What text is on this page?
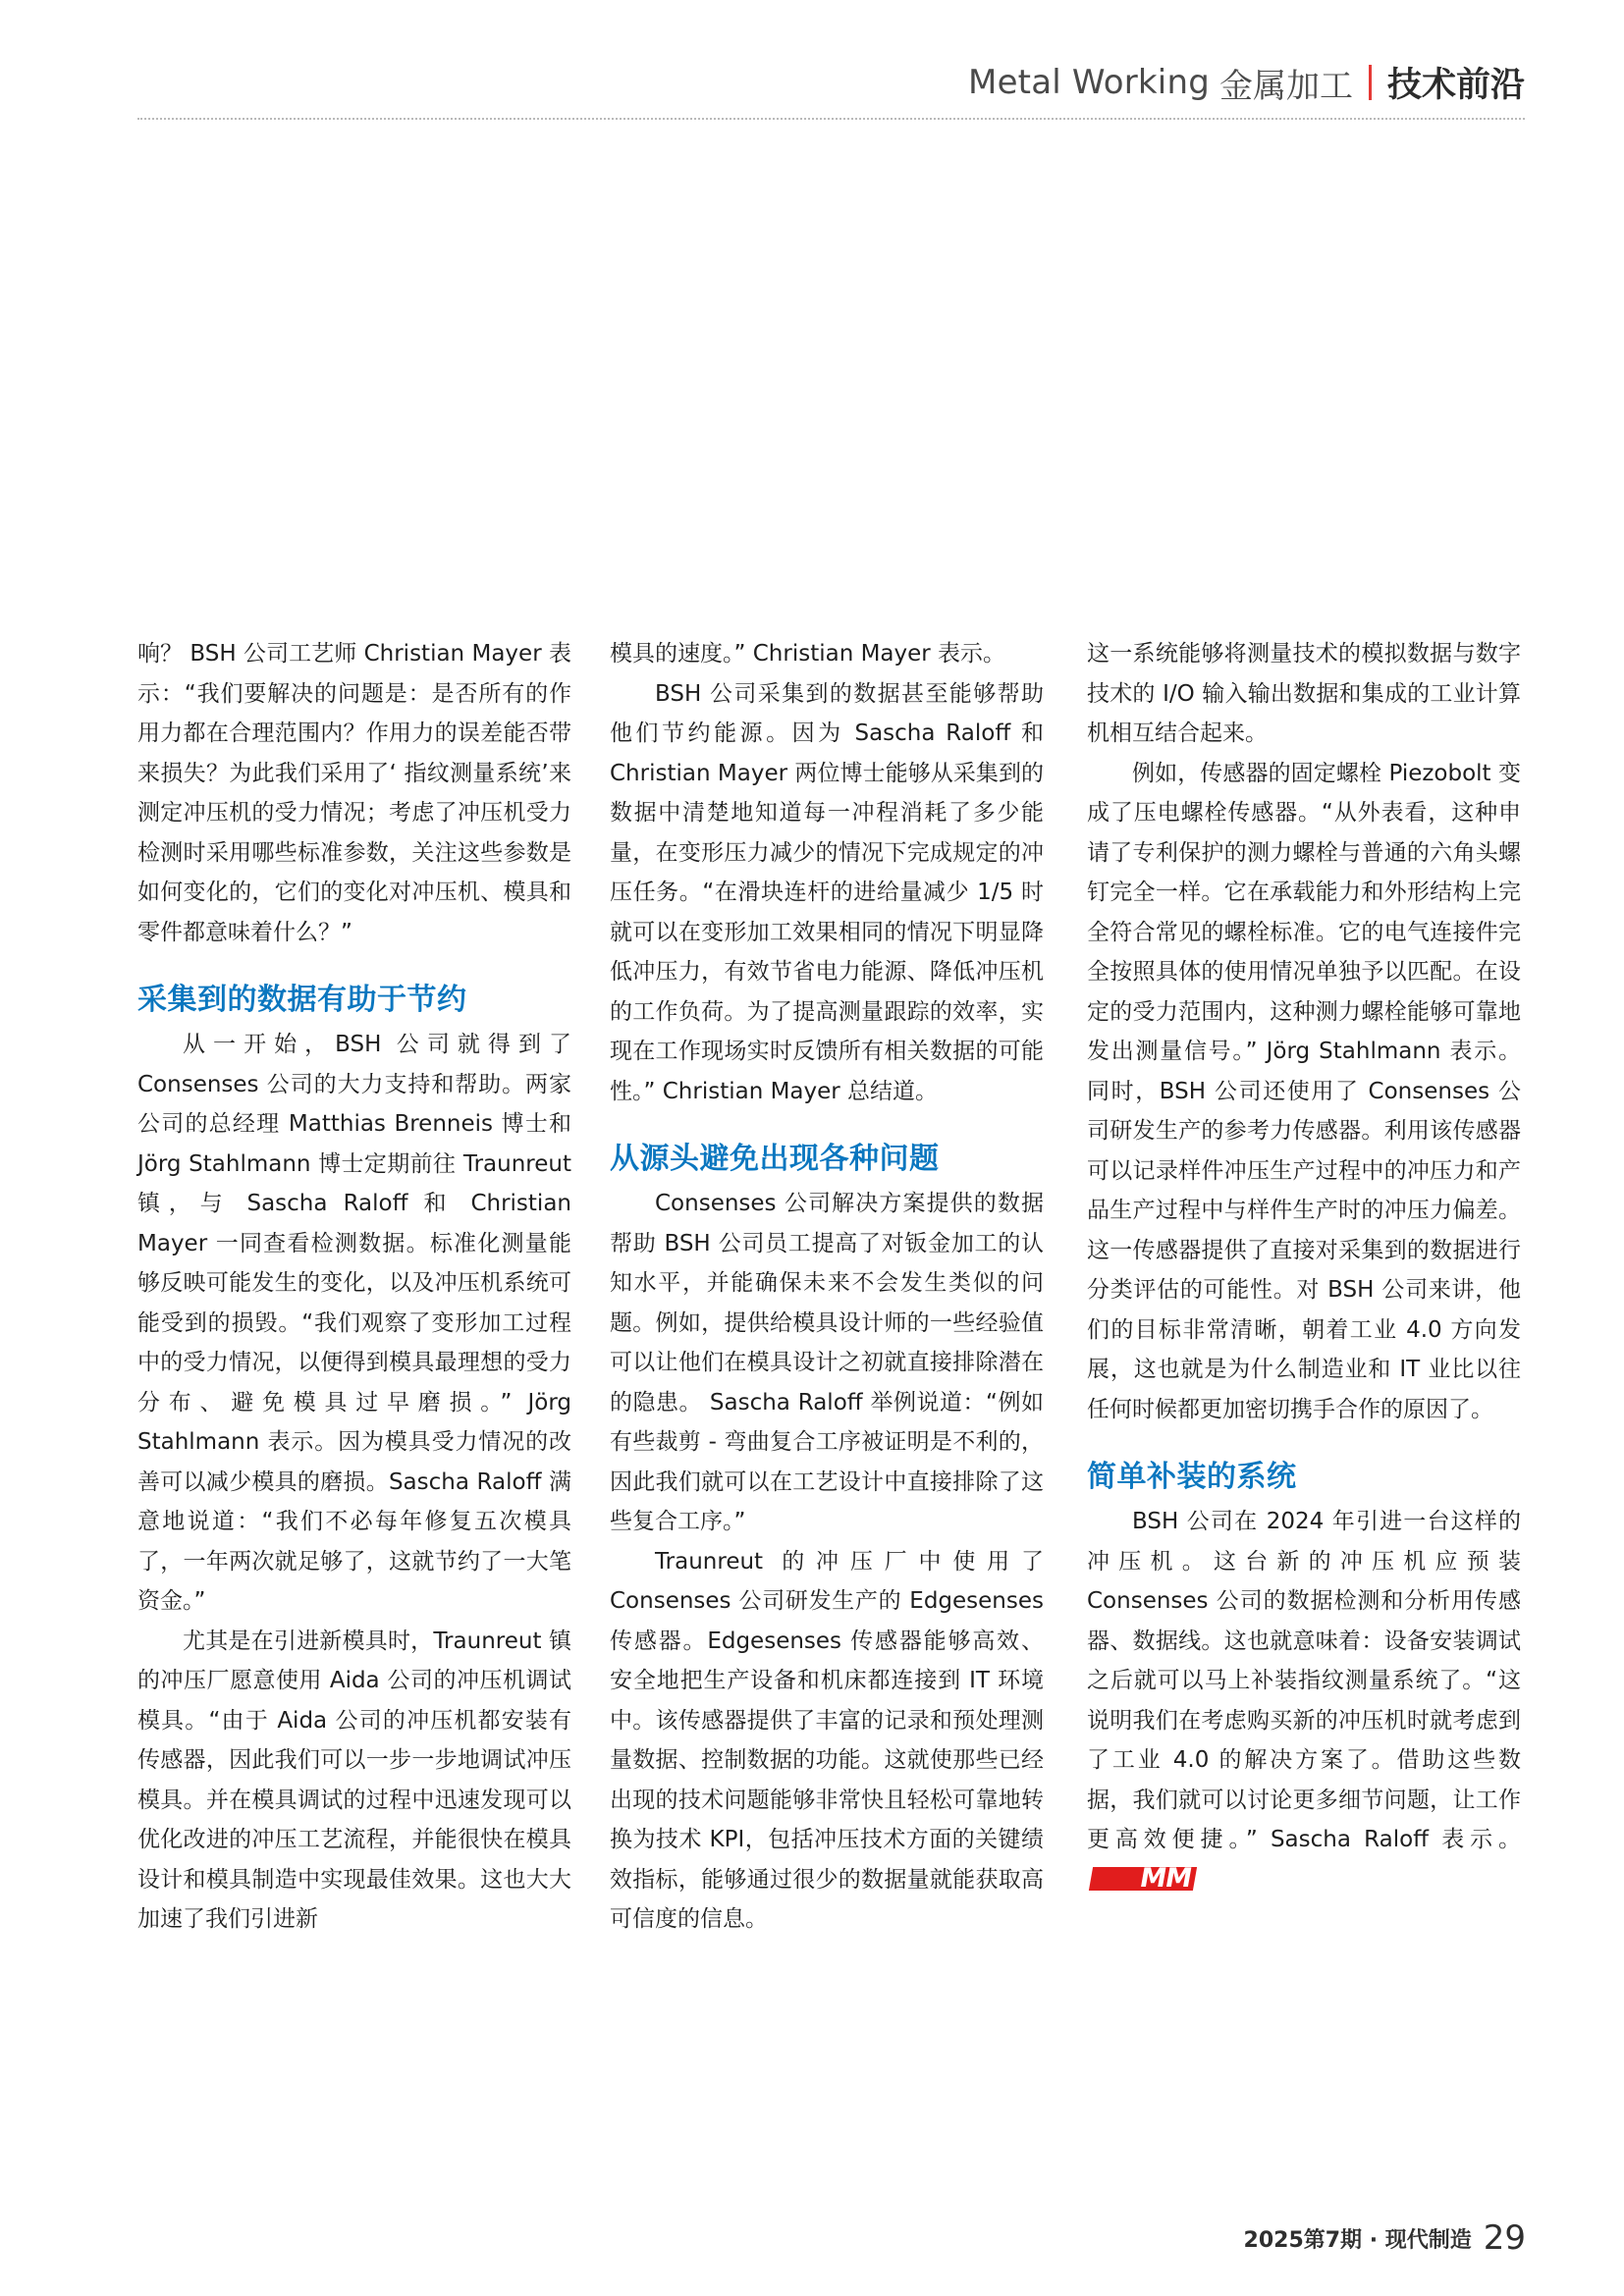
Metal Working 金属加工 技术前沿

响？ BSH 公司工艺师 Christian Mayer 表示：“我们要解决的问题是：是否所有的作用力都在合理范围内？作用力的误差能否带来损失？为此我们采用了‘ 指纹测量系统’来测定冲压机的受力情况；考虑了冲压机受力检测时采用哪些标准参数，关注这些参数是如何变化的，它们的变化对冲压机、模具和零件都意味着什么？”

采集到的数据有助于节约

从一开始，BSH 公司就得到了 Consenses 公司的大力支持和帮助。两家公司的总经理 Matthias Brenneis 博士和 Jörg Stahlmann 博士定期前往 Traunreut 镇，与 Sascha Raloff 和 Christian Mayer 一同查看检测数据。标准化测量能够反映可能发生的变化，以及冲压机系统可能受到的损毁。“我们观察了变形加工过程中的受力情况，以便得到模具最理想的受力分布、避免模具过早磨损。” Jörg Stahlmann 表示。因为模具受力情况的改善可以减少模具的磨损。Sascha Raloff 满意地说道：“我们不必每年修复五次模具了，一年两次就足够了，这就节约了一大笔资金。”

尤其是在引进新模具时，Traunreut 镇的冲压厂愿意使用 Aida 公司的冲压机调试模具。“由于 Aida 公司的冲压机都安装有传感器，因此我们可以一步一步地调试冲压模具。并在模具调试的过程中迅速发现可以优化改进的冲压工艺流程，并能很快在模具设计和模具制造中实现最佳效果。这也大大加速了我们引进新

模具的速度。” Christian Mayer 表示。

BSH 公司采集到的数据甚至能够帮助他们节约能源。因为 Sascha Raloff 和 Christian Mayer 两位博士能够从采集到的数据中清楚地知道每一冲程消耗了多少能量，在变形压力减少的情况下完成规定的冲压任务。“在滑块连杆的进给量减少 1/5 时就可以在变形加工效果相同的情况下明显降低冲压力，有效节省电力能源、降低冲压机的工作负荷。为了提高测量跟踪的效率，实现在工作现场实时反馈所有相关数据的可能性。” Christian Mayer 总结道。

从源头避免出现各种问题

Consenses 公司解决方案提供的数据帮助 BSH 公司员工提高了对钣金加工的认知水平，并能确保未来不会发生类似的问题。例如，提供给模具设计师的一些经验值可以让他们在模具设计之初就直接排除潜在的隐患。 Sascha Raloff 举例说道：“例如有些裁剪 - 弯曲复合工序被证明是不利的，因此我们就可以在工艺设计中直接排除了这些复合工序。”

Traunreut 的冲压厂中使用了 Consenses 公司研发生产的 Edgesenses 传感器。Edgesenses 传感器能够高效、安全地把生产设备和机床都连接到 IT 环境中。该传感器提供了丰富的记录和预处理测量数据、控制数据的功能。这就使那些已经出现的技术问题能够非常快且轻松可靠地转换为技术 KPI，包括冲压技术方面的关键绩效指标，能够通过很少的数据量就能获取高可信度的信息。

这一系统能够将测量技术的模拟数据与数字技术的 I/O 输入输出数据和集成的工业计算机相互结合起来。

例如，传感器的固定螺栓 Piezobolt 变成了压电螺栓传感器。“从外表看，这种申请了专利保护的测力螺栓与普通的六角头螺钉完全一样。它在承载能力和外形结构上完全符合常见的螺栓标准。它的电气连接件完全按照具体的使用情况单独予以匹配。在设定的受力范围内，这种测力螺栓能够可靠地发出测量信号。” Jörg Stahlmann 表示。同时，BSH 公司还使用了 Consenses 公司研发生产的参考力传感器。利用该传感器可以记录样件冲压生产过程中的冲压力和产品生产过程中与样件生产时的冲压力偏差。这一传感器提供了直接对采集到的数据进行分类评估的可能性。对 BSH 公司来讲，他们的目标非常清晰，朝着工业 4.0 方向发展，这也就是为什么制造业和 IT 业比以往任何时候都更加密切携手合作的原因了。

简单补装的系统

BSH 公司在 2024 年引进一台这样的冲压机。这台新的冲压机应预装 Consenses 公司的数据检测和分析用传感器、数据线。这也就意味着：设备安装调试之后就可以马上补装指纹测量系统了。“这说明我们在考虑购买新的冲压机时就考虑到了工业 4.0 的解决方案了。借助这些数据，我们就可以讨论更多细节问题，让工作更高效便捷。” Sascha Raloff 表示。MM

2025第7期 · 现代制造 29
